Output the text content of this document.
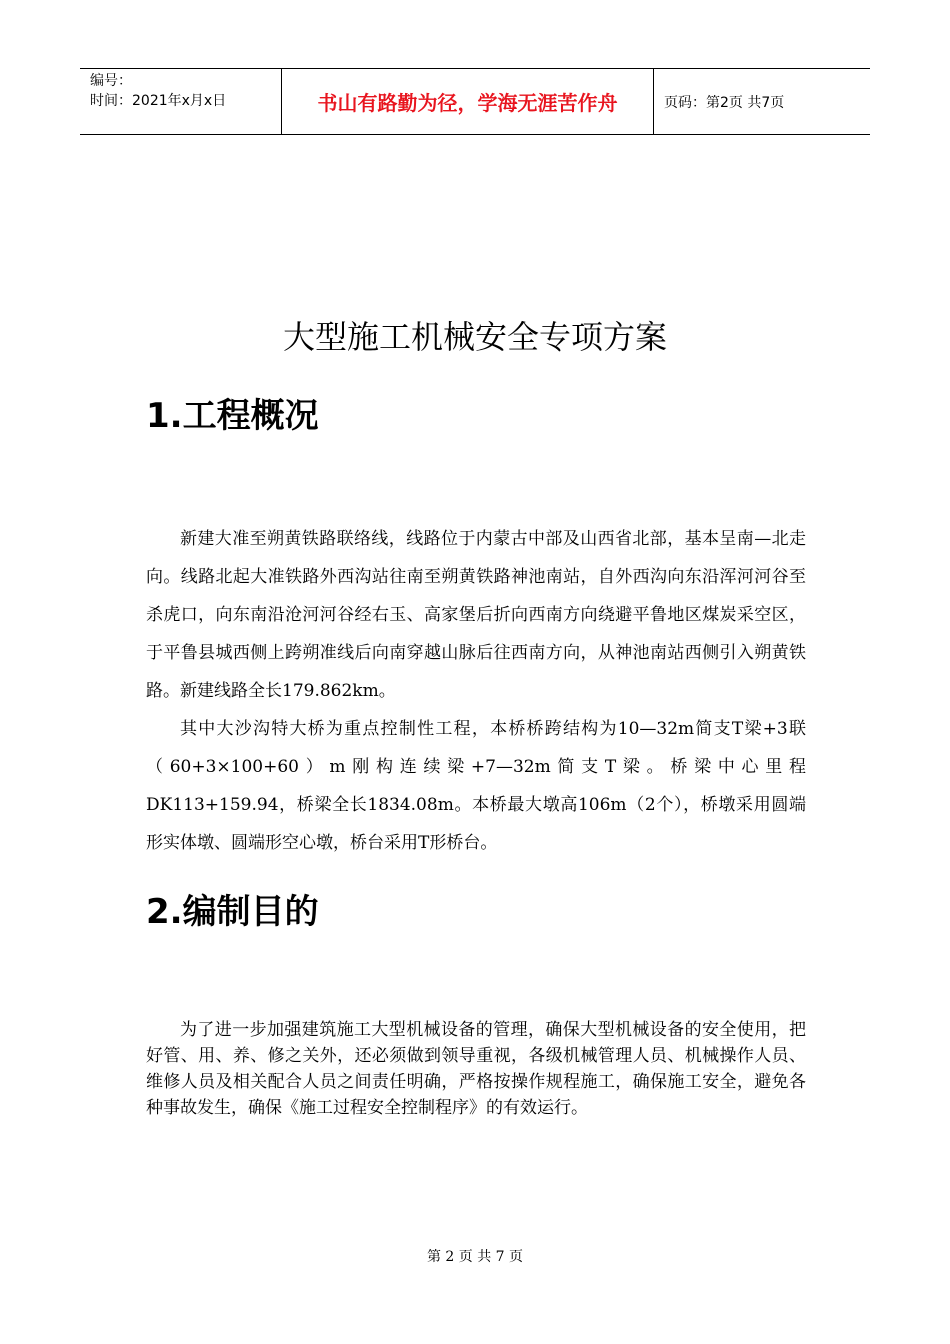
编号：
时间：2021年x月x日	书山有路勤为径，学海无涯苦作舟	页码：第2页 共7页
大型施工机械安全专项方案
1.工程概况

新建大准至朔黄铁路联络线，线路位于内蒙古中部及山西省北部，基本呈南—北走向。线路北起大准铁路外西沟站往南至朔黄铁路神池南站，自外西沟向东沿浑河河谷至杀虎口，向东南沿沧河河谷经右玉、高家堡后折向西南方向绕避平鲁地区煤炭采空区，于平鲁县城西侧上跨朔准线后向南穿越山脉后往西南方向，从神池南站西侧引入朔黄铁路。新建线路全长179.862km。

其中大沙沟特大桥为重点控制性工程，本桥桥跨结构为10—32m简支T梁+3联（60+3×100+60）m刚构连续梁+7—32m简支T梁。桥梁中心里程DK113+159.94，桥梁全长1834.08m。本桥最大墩高106m（2个），桥墩采用圆端形实体墩、圆端形空心墩，桥台采用T形桥台。

2.编制目的

为了进一步加强建筑施工大型机械设备的管理，确保大型机械设备的安全使用，把好管、用、养、修之关外，还必须做到领导重视，各级机械管理人员、机械操作人员、维修人员及相关配合人员之间责任明确，严格按操作规程施工，确保施工安全，避免各种事故发生，确保《施工过程安全控制程序》的有效运行。

第 2 页 共 7 页
